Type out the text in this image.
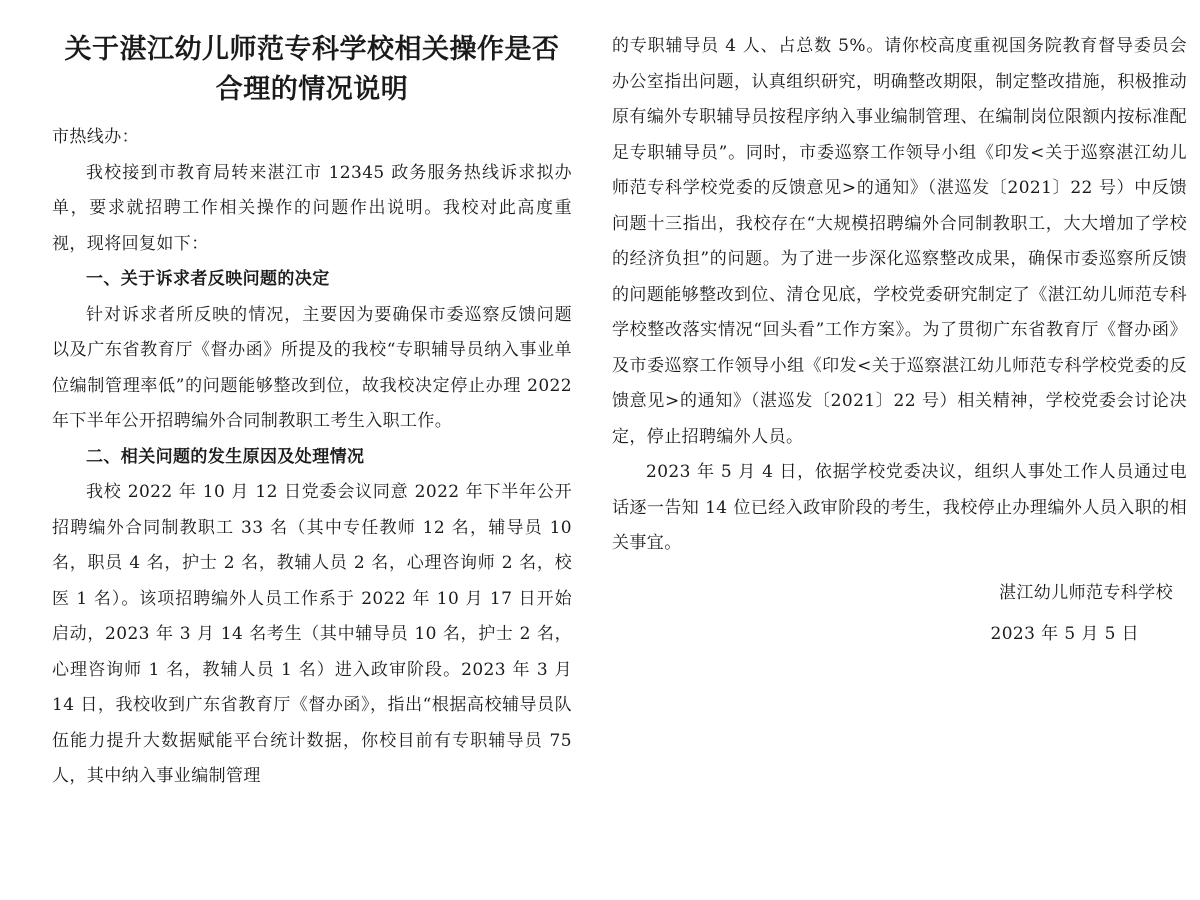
关于湛江幼儿师范专科学校相关操作是否
合理的情况说明

市热线办：

我校接到市教育局转来湛江市 12345 政务服务热线诉求拟办单，要求就招聘工作相关操作的问题作出说明。我校对此高度重视，现将回复如下：

一、关于诉求者反映问题的决定

针对诉求者所反映的情况，主要因为要确保市委巡察反馈问题以及广东省教育厅《督办函》所提及的我校“专职辅导员纳入事业单位编制管理率低”的问题能够整改到位，故我校决定停止办理 2022 年下半年公开招聘编外合同制教职工考生入职工作。

二、相关问题的发生原因及处理情况

我校 2022 年 10 月 12 日党委会议同意 2022 年下半年公开招聘编外合同制教职工 33 名（其中专任教师 12 名，辅导员 10 名，职员 4 名，护士 2 名，教辅人员 2 名，心理咨询师 2 名，校医 1 名）。该项招聘编外人员工作系于 2022 年 10 月 17 日开始启动，2023 年 3 月 14 名考生（其中辅导员 10 名，护士 2 名，心理咨询师 1 名，教辅人员 1 名）进入政审阶段。2023 年 3 月 14 日，我校收到广东省教育厅《督办函》，指出“根据高校辅导员队伍能力提升大数据赋能平台统计数据，你校目前有专职辅导员 75 人，其中纳入事业编制管理

的专职辅导员 4 人、占总数 5%。请你校高度重视国务院教育督导委员会办公室指出问题，认真组织研究，明确整改期限，制定整改措施，积极推动原有编外专职辅导员按程序纳入事业编制管理、在编制岗位限额内按标准配足专职辅导员”。同时，市委巡察工作领导小组《印发<关于巡察湛江幼儿师范专科学校党委的反馈意见>的通知》（湛巡发〔2021〕22 号）中反馈问题十三指出，我校存在“大规模招聘编外合同制教职工，大大增加了学校的经济负担”的问题。为了进一步深化巡察整改成果，确保市委巡察所反馈的问题能够整改到位、清仓见底，学校党委研究制定了《湛江幼儿师范专科学校整改落实情况“回头看”工作方案》。为了贯彻广东省教育厅《督办函》及市委巡察工作领导小组《印发<关于巡察湛江幼儿师范专科学校党委的反馈意见>的通知》（湛巡发〔2021〕22 号）相关精神，学校党委会讨论决定，停止招聘编外人员。

2023 年 5 月 4 日，依据学校党委决议，组织人事处工作人员通过电话逐一告知 14 位已经入政审阶段的考生，我校停止办理编外人员入职的相关事宜。

湛江幼儿师范专科学校

2023 年 5 月 5 日
